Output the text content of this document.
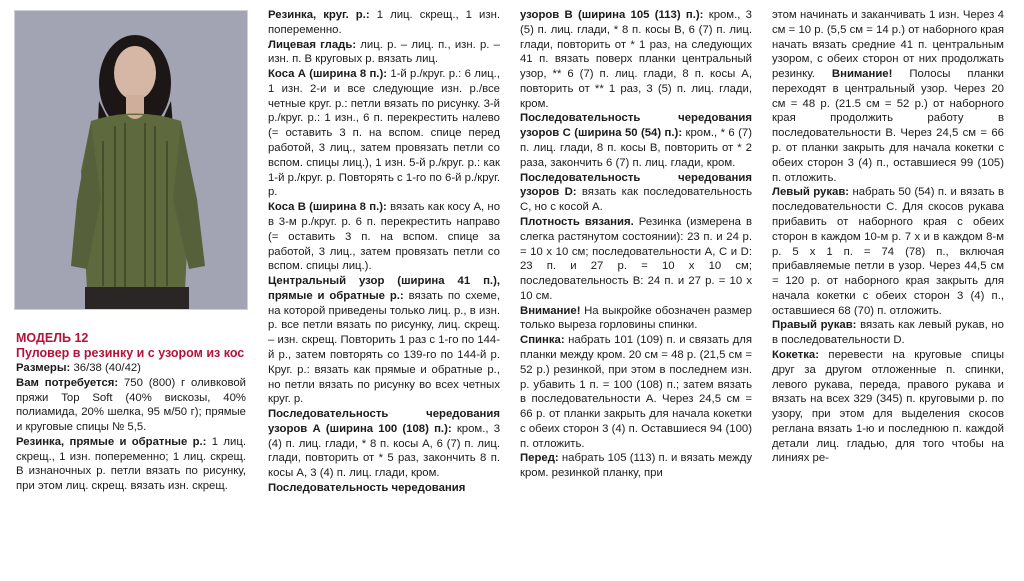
МОДЕЛЬ 12

Пуловер в резинку и с узором из кос

Размеры: 36/38 (40/42)

Вам потребуется: 750 (800) г оливковой пряжи Top Soft (40% вискозы, 40% полиамида, 20% шелка, 95 м/50 г); прямые и круговые спицы № 5,5.

Резинка, прямые и обратные р.: 1 лиц. скрещ., 1 изн. попеременно; 1 лиц. скрещ. В изнаночных р. петли вязать по рисунку, при этом лиц. скрещ. вязать изн. скрещ.

Резинка, круг. р.: 1 лиц. скрещ., 1 изн. попеременно.

Лицевая гладь: лиц. р. – лиц. п., изн. р. – изн. п. В круговых р. вязать лиц.

Коса А (ширина 8 п.): 1-й р./круг. р.: 6 лиц., 1 изн. 2-и и все следующие изн. р./все четные круг. р.: петли вязать по рисунку. 3-й р./круг. р.: 1 изн., 6 п. перекрестить налево (= оставить 3 п. на вспом. спице перед работой, 3 лиц., затем провязать петли со вспом. спицы лиц.), 1 изн. 5-й р./круг. р.: как 1-й р./круг. р. Повторять с 1-го по 6-й р./круг. р.

Коса В (ширина 8 п.): вязать как косу А, но в 3-м р./круг. р. 6 п. перекрестить направо (= оставить 3 п. на вспом. спице за работой, 3 лиц., затем провязать петли со вспом. спицы лиц.).

Центральный узор (ширина 41 п.), прямые и обратные р.: вязать по схеме, на которой приведены только лиц. р., в изн. р. все петли вязать по рисунку, лиц. скрещ. – изн. скрещ. Повторить 1 раз с 1-го по 144-й р., затем повторять со 139-го по 144-й р. Круг. р.: вязать как прямые и обратные р., но петли вязать по рисунку во всех четных круг. р.

Последовательность чередования узоров А (ширина 100 (108) п.): кром., 3 (4) п. лиц. глади, * 8 п. косы А, 6 (7) п. лиц. глади, повторить от * 5 раз, закончить 8 п. косы А, 3 (4) п. лиц. глади, кром.

Последовательность чередования

узоров В (ширина 105 (113) п.): кром., 3 (5) п. лиц. глади, * 8 п. косы В, 6 (7) п. лиц. глади, повторить от * 1 раз, на следующих 41 п. вязать поверх планки центральный узор, ** 6 (7) п. лиц. глади, 8 п. косы А, повторить от ** 1 раз, 3 (5) п. лиц. глади, кром.

Последовательность чередования узоров С (ширина 50 (54) п.): кром., * 6 (7) п. лиц. глади, 8 п. косы В, повторить от * 2 раза, закончить 6 (7) п. лиц. глади, кром.

Последовательность чередования узоров D: вязать как последовательность С, но с косой А.

Плотность вязания. Резинка (измерена в слегка растянутом состоянии): 23 п. и 24 р. = 10 х 10 см; последовательности А, С и D: 23 п. и 27 р. = 10 х 10 см; последовательность В: 24 п. и 27 р. = 10 х 10 см.

Внимание! На выкройке обозначен размер только выреза горловины спинки.

Спинка: набрать 101 (109) п. и связать для планки между кром. 20 см = 48 р. (21,5 см = 52 р.) резинкой, при этом в последнем изн. р. убавить 1 п. = 100 (108) п.; затем вязать в последовательности А. Через 24,5 см = 66 р. от планки закрыть для начала кокетки с обеих сторон 3 (4) п. Оставшиеся 94 (100) п. отложить.

Перед: набрать 105 (113) п. и вязать между кром. резинкой планку, при

этом начинать и заканчивать 1 изн. Через 4 см = 10 р. (5,5 см = 14 р.) от наборного края начать вязать средние 41 п. центральным узором, с обеих сторон от них продолжать резинку. Внимание! Полосы планки переходят в центральный узор. Через 20 см = 48 р. (21.5 см = 52 р.) от наборного края продолжить работу в последовательности В. Через 24,5 см = 66 р. от планки закрыть для начала кокетки с обеих сторон 3 (4) п., оставшиеся 99 (105) п. отложить.

Левый рукав: набрать 50 (54) п. и вязать в последовательности С. Для скосов рукава прибавить от наборного края с обеих сторон в каждом 10-м р. 7 х и в каждом 8-м р. 5 х 1 п. = 74 (78) п., включая прибавляемые петли в узор. Через 44,5 см = 120 р. от наборного края закрыть для начала кокетки с обеих сторон 3 (4) п., оставшиеся 68 (70) п. отложить.

Правый рукав: вязать как левый рукав, но в последовательности D.

Кокетка: перевести на круговые спицы друг за другом отложенные п. спинки, левого рукава, переда, правого рукава и вязать на всех 329 (345) п. круговыми р. по узору, при этом для выделения скосов реглана вязать 1-ю и последнюю п. каждой детали лиц. гладью, для того чтобы на линиях ре-
